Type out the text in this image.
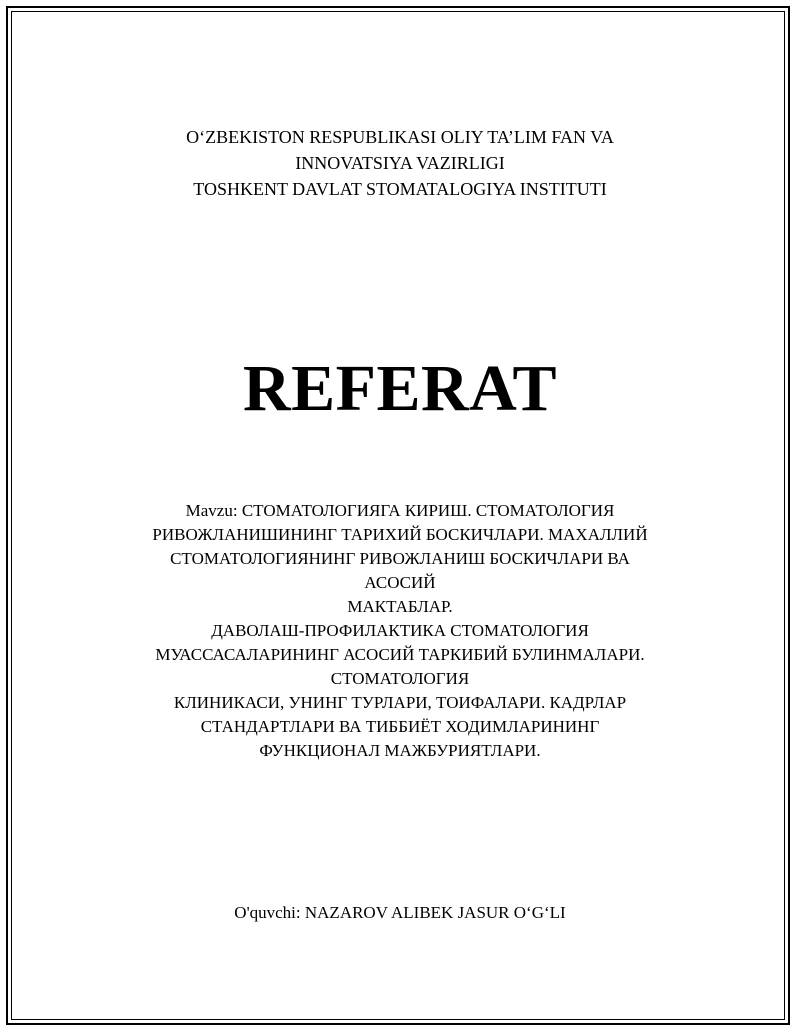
O‘ZBEKISTON RESPUBLIKASI OLIY TA’LIM FAN VA
INNOVATSIYA VAZIRLIGI
TOSHKENT DAVLAT STOMATALOGIYA INSTITUTI
REFERAT
Mavzu: СТОМАТОЛОГИЯГА КИРИШ. СТОМАТОЛОГИЯ
РИВОЖЛАНИШИНИНГ ТАРИХИЙ БОСКИЧЛАРИ. МАХАЛЛИЙ
СТОМАТОЛОГИЯНИНГ РИВОЖЛАНИШ БОСКИЧЛАРИ ВА
АСОСИЙ
МАКТАБЛАР.
ДАВОЛАШ-ПРОФИЛАКТИКА СТОМАТОЛОГИЯ
МУАССАСАЛАРИНИНГ АСОСИЙ ТАРКИБИЙ БУЛИНМАЛАРИ.
СТОМАТОЛОГИЯ
КЛИНИКАСИ, УНИНГ ТУРЛАРИ, ТОИФАЛАРИ. КАДРЛАР
СТАНДАРТЛАРИ ВА ТИББИЁТ ХОДИМЛАРИНИНГ
ФУНКЦИОНАЛ МАЖБУРИЯТЛАРИ.
O'quvchi: NAZAROV ALIBEK JASUR O‘G‘LI
